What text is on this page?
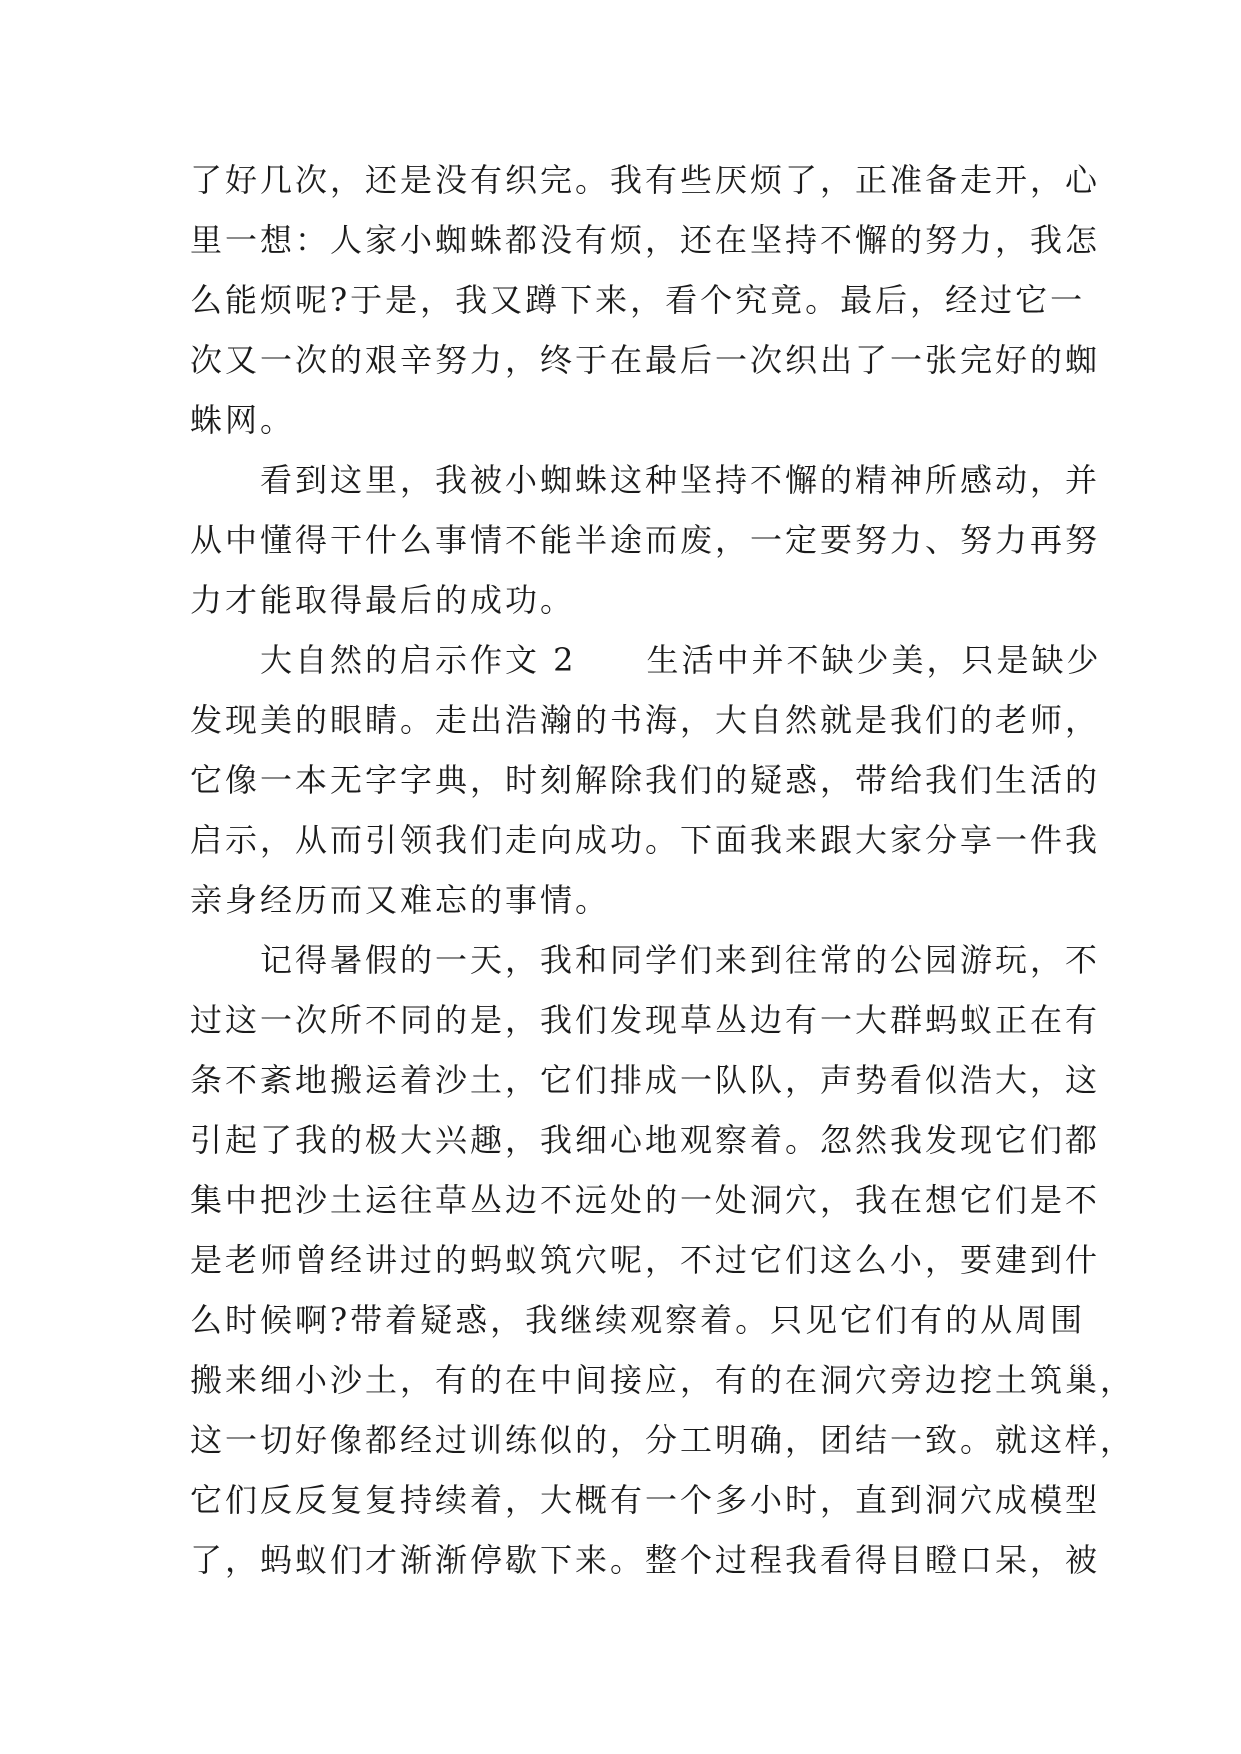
了好几次，还是没有织完。我有些厌烦了，正准备走开，心
里一想：人家小蜘蛛都没有烦，还在坚持不懈的努力，我怎
么能烦呢?于是，我又蹲下来，看个究竟。最后，经过它一
次又一次的艰辛努力，终于在最后一次织出了一张完好的蜘
蛛网。
　　看到这里，我被小蜘蛛这种坚持不懈的精神所感动，并
从中懂得干什么事情不能半途而废，一定要努力、努力再努
力才能取得最后的成功。
　　大自然的启示作文 2　　生活中并不缺少美，只是缺少
发现美的眼睛。走出浩瀚的书海，大自然就是我们的老师，
它像一本无字字典，时刻解除我们的疑惑，带给我们生活的
启示，从而引领我们走向成功。下面我来跟大家分享一件我
亲身经历而又难忘的事情。
　　记得暑假的一天，我和同学们来到往常的公园游玩，不
过这一次所不同的是，我们发现草丛边有一大群蚂蚁正在有
条不紊地搬运着沙土，它们排成一队队，声势看似浩大，这
引起了我的极大兴趣，我细心地观察着。忽然我发现它们都
集中把沙土运往草丛边不远处的一处洞穴，我在想它们是不
是老师曾经讲过的蚂蚁筑穴呢，不过它们这么小，要建到什
么时候啊?带着疑惑，我继续观察着。只见它们有的从周围
搬来细小沙土，有的在中间接应，有的在洞穴旁边挖土筑巢，
这一切好像都经过训练似的，分工明确，团结一致。就这样，
它们反反复复持续着，大概有一个多小时，直到洞穴成模型
了，蚂蚁们才渐渐停歇下来。整个过程我看得目瞪口呆，被
